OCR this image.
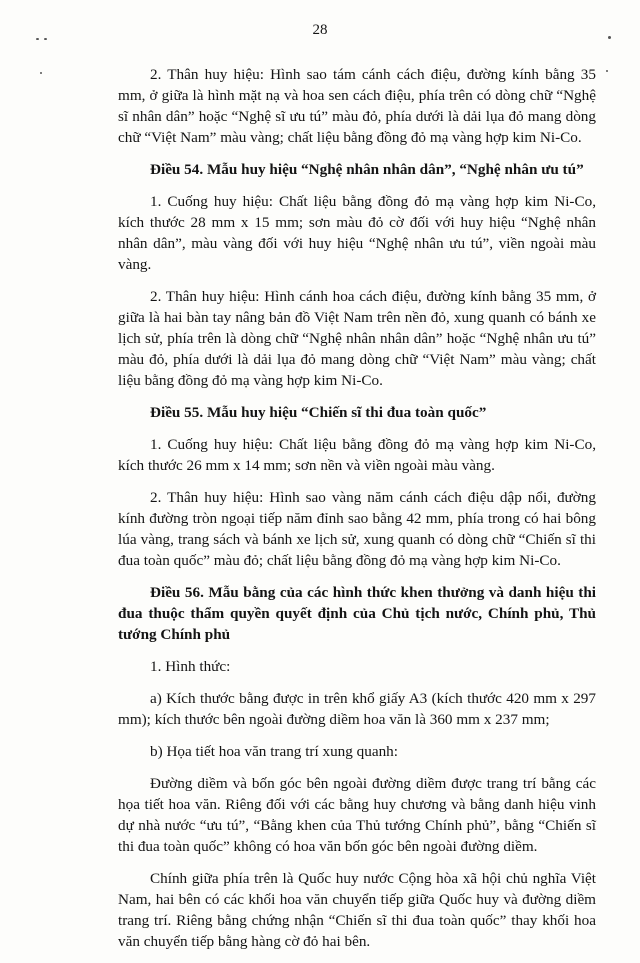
28

2. Thân huy hiệu: Hình sao tám cánh cách điệu, đường kính bằng 35 mm, ở giữa là hình mặt nạ và hoa sen cách điệu, phía trên có dòng chữ “Nghệ sĩ nhân dân” hoặc “Nghệ sĩ ưu tú” màu đỏ, phía dưới là dải lụa đỏ mang dòng chữ “Việt Nam” màu vàng; chất liệu bằng đồng đỏ mạ vàng hợp kim Ni-Co.

Điều 54. Mẫu huy hiệu “Nghệ nhân nhân dân”, “Nghệ nhân ưu tú”

1. Cuống huy hiệu: Chất liệu bằng đồng đỏ mạ vàng hợp kim Ni-Co, kích thước 28 mm x 15 mm; sơn màu đỏ cờ đối với huy hiệu “Nghệ nhân nhân dân”, màu vàng đối với huy hiệu “Nghệ nhân ưu tú”, viền ngoài màu vàng.

2. Thân huy hiệu: Hình cánh hoa cách điệu, đường kính bằng 35 mm, ở giữa là hai bàn tay nâng bản đồ Việt Nam trên nền đỏ, xung quanh có bánh xe lịch sử, phía trên là dòng chữ “Nghệ nhân nhân dân” hoặc “Nghệ nhân ưu tú” màu đỏ, phía dưới là dải lụa đỏ mang dòng chữ “Việt Nam” màu vàng; chất liệu bằng đồng đỏ mạ vàng hợp kim Ni-Co.

Điều 55. Mẫu huy hiệu “Chiến sĩ thi đua toàn quốc”

1. Cuống huy hiệu: Chất liệu bằng đồng đỏ mạ vàng hợp kim Ni-Co, kích thước 26 mm x 14 mm; sơn nền và viền ngoài màu vàng.

2. Thân huy hiệu: Hình sao vàng năm cánh cách điệu dập nổi, đường kính đường tròn ngoại tiếp năm đỉnh sao bằng 42 mm, phía trong có hai bông lúa vàng, trang sách và bánh xe lịch sử, xung quanh có dòng chữ “Chiến sĩ thi đua toàn quốc” màu đỏ; chất liệu bằng đồng đỏ mạ vàng hợp kim Ni-Co.

Điều 56. Mẫu bằng của các hình thức khen thưởng và danh hiệu thi đua thuộc thẩm quyền quyết định của Chủ tịch nước, Chính phủ, Thủ tướng Chính phủ

1. Hình thức:

a) Kích thước bằng được in trên khổ giấy A3 (kích thước 420 mm x 297 mm); kích thước bên ngoài đường diềm hoa văn là 360 mm x 237 mm;

b) Họa tiết hoa văn trang trí xung quanh:

Đường diềm và bốn góc bên ngoài đường diềm được trang trí bằng các họa tiết hoa văn. Riêng đối với các bằng huy chương và bằng danh hiệu vinh dự nhà nước “ưu tú”, “Bằng khen của Thủ tướng Chính phủ”, bằng “Chiến sĩ thi đua toàn quốc” không có hoa văn bốn góc bên ngoài đường diềm.

Chính giữa phía trên là Quốc huy nước Cộng hòa xã hội chủ nghĩa Việt Nam, hai bên có các khối hoa văn chuyển tiếp giữa Quốc huy và đường diềm trang trí. Riêng bằng chứng nhận “Chiến sĩ thi đua toàn quốc” thay khối hoa văn chuyển tiếp bằng hàng cờ đỏ hai bên.
